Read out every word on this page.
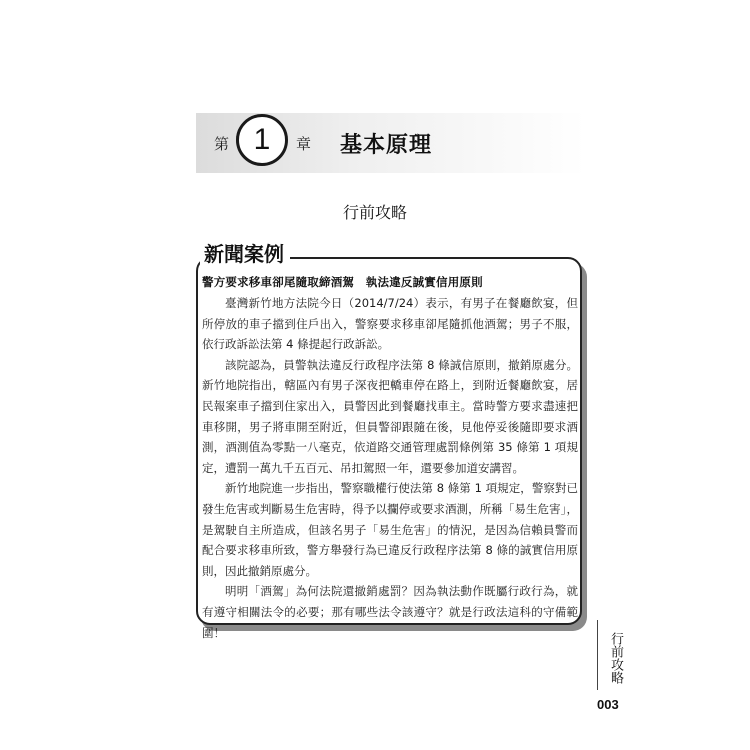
第 1 章 基本原理
行前攻略
新聞案例
警方要求移車卻尾隨取締酒駕　執法違反誠實信用原則

臺灣新竹地方法院今日（2014/7/24）表示，有男子在餐廳飲宴，但所停放的車子擋到住戶出入，警察要求移車卻尾隨抓他酒駕；男子不服，依行政訴訟法第 4 條提起行政訴訟。

該院認為，員警執法違反行政程序法第 8 條誠信原則，撤銷原處分。新竹地院指出，轄區內有男子深夜把轎車停在路上，到附近餐廳飲宴，居民報案車子擋到住家出入，員警因此到餐廳找車主。當時警方要求盡速把車移開，男子將車開至附近，但員警卻跟隨在後，見他停妥後隨即要求酒測，酒測值為零點一八毫克，依道路交通管理處罰條例第 35 條第 1 項規定，遭罰一萬九千五百元、吊扣駕照一年，還要參加道安講習。

新竹地院進一步指出，警察職權行使法第 8 條第 1 項規定，警察對已發生危害或判斷易生危害時，得予以攔停或要求酒測，所稱「易生危害」，是駕駛自主所造成，但該名男子「易生危害」的情況，是因為信賴員警而配合要求移車所致，警方舉發行為已違反行政程序法第 8 條的誠實信用原則，因此撤銷原處分。

明明「酒駕」為何法院還撤銷處罰？因為執法動作既屬行政行為，就有遵守相關法令的必要；那有哪些法令該遵守？就是行政法這科的守備範圍！	行前攻略
003
